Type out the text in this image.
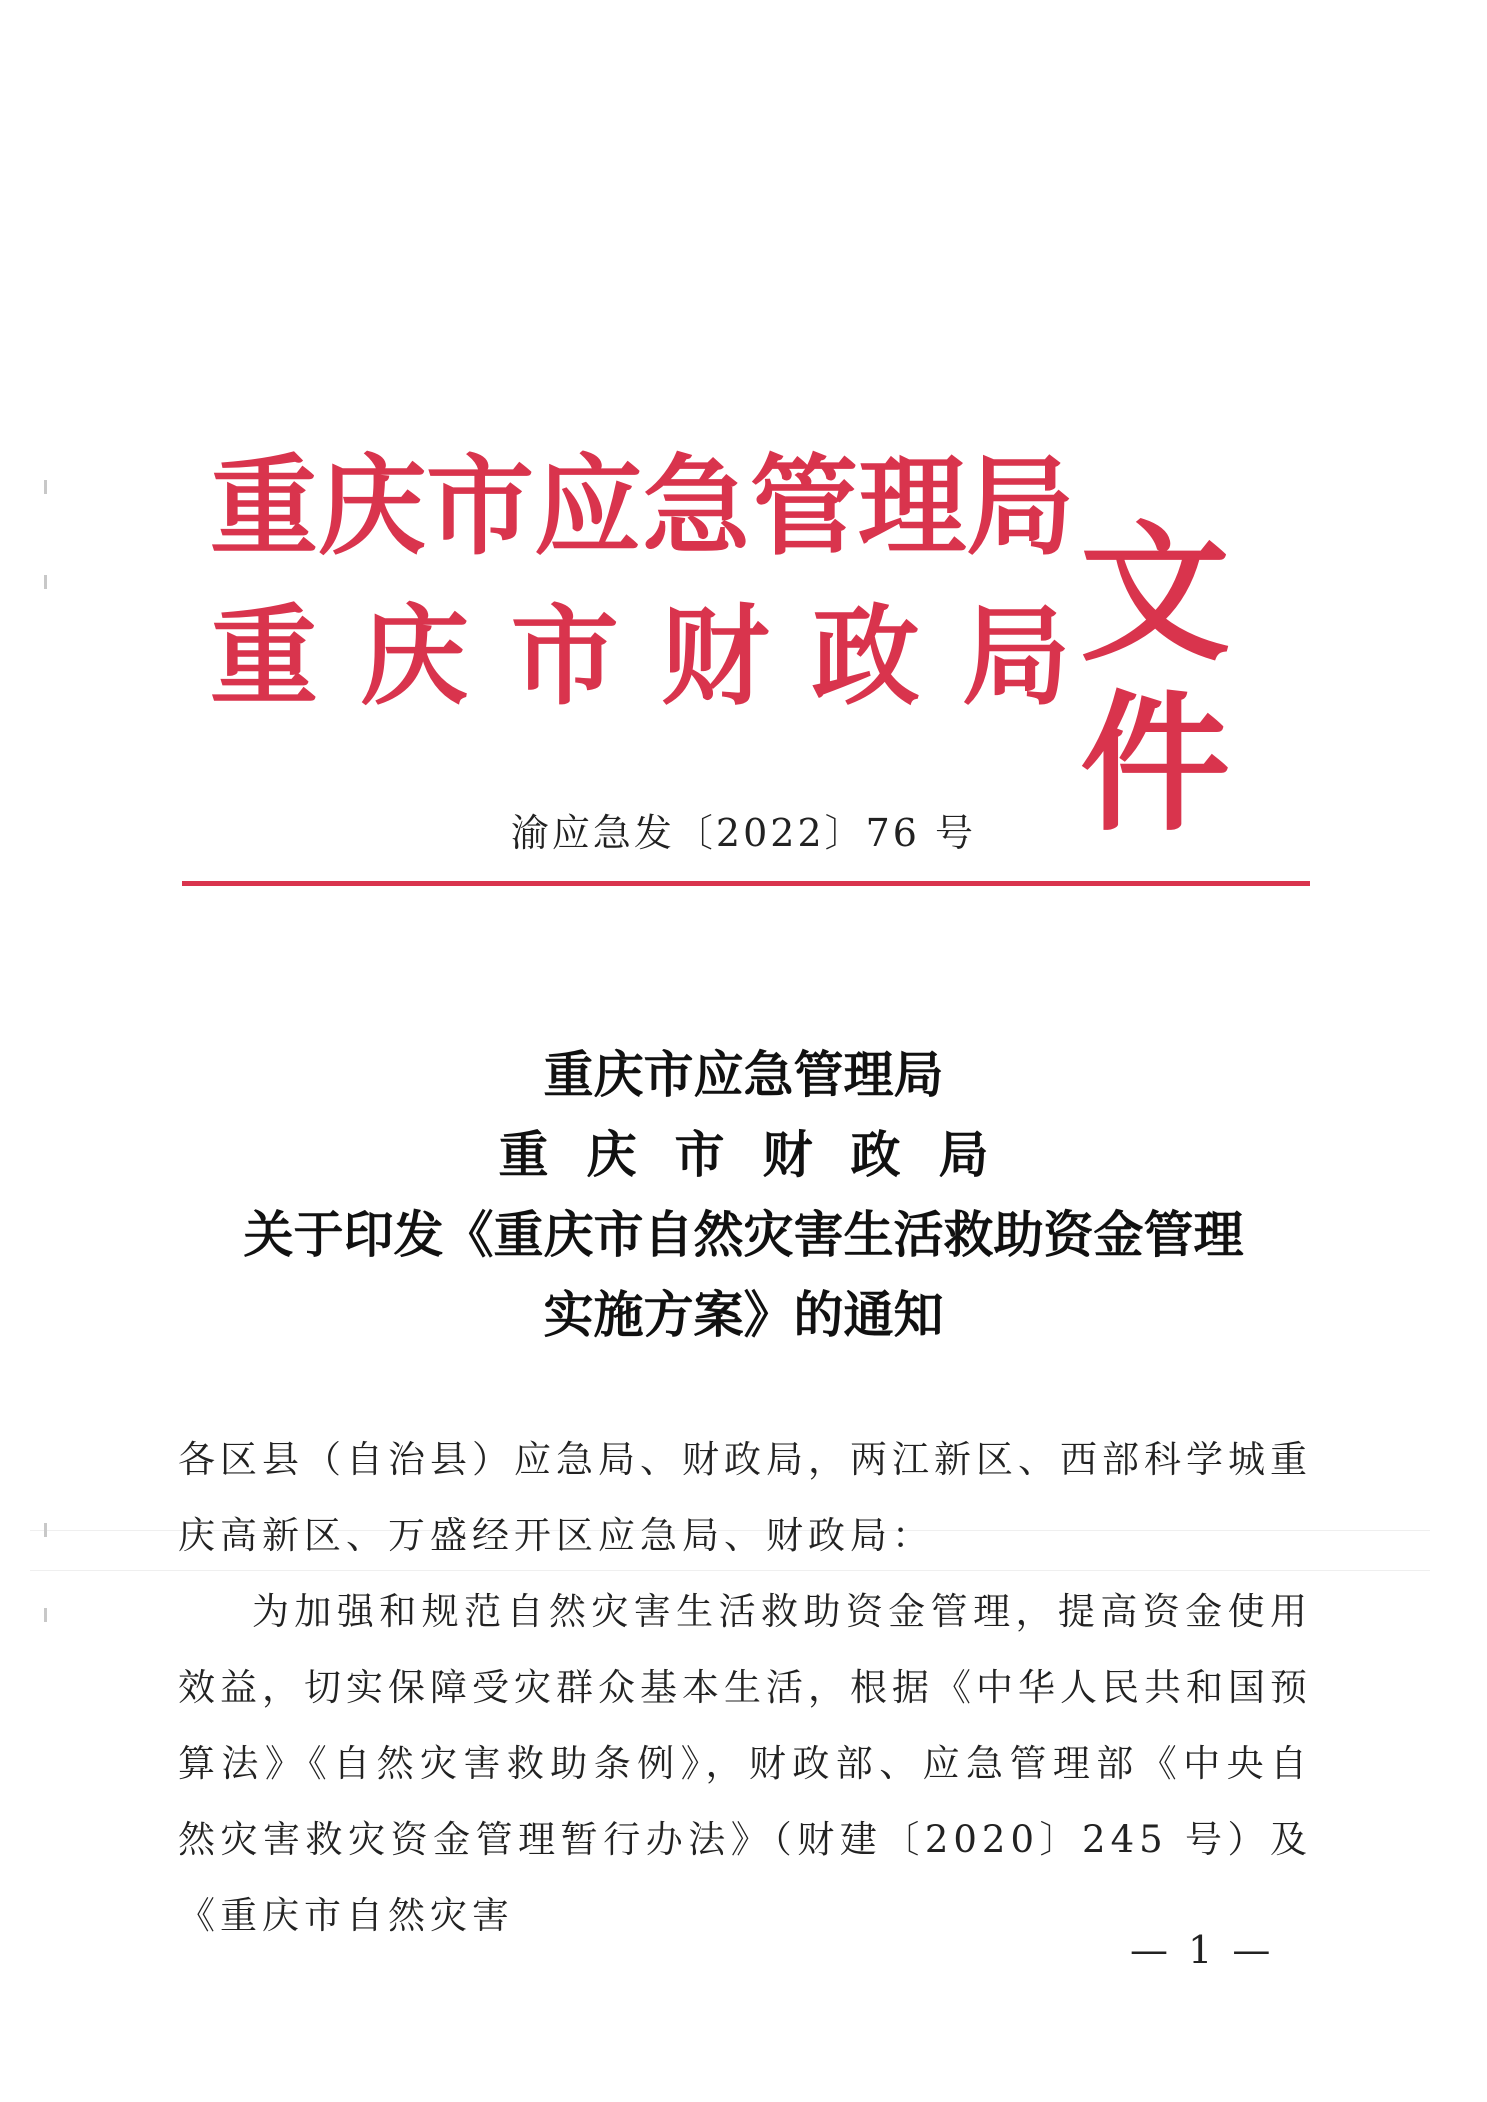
重 庆 市 应 急 管 理 局
重 庆 市 财 政 局 文件
渝应急发〔2022〕76 号
重庆市应急管理局
重庆市财政局
关于印发《重庆市自然灾害生活救助资金管理
实施方案》的通知

各区县（自治县）应急局、财政局，两江新区、西部科学城重庆高新区、万盛经开区应急局、财政局：

为加强和规范自然灾害生活救助资金管理，提高资金使用效益，切实保障受灾群众基本生活，根据《中华人民共和国预算法》《自然灾害救助条例》，财政部、应急管理部《中央自然灾害救灾资金管理暂行办法》（财建〔2020〕245 号）及《重庆市自然灾害

— 1 —
